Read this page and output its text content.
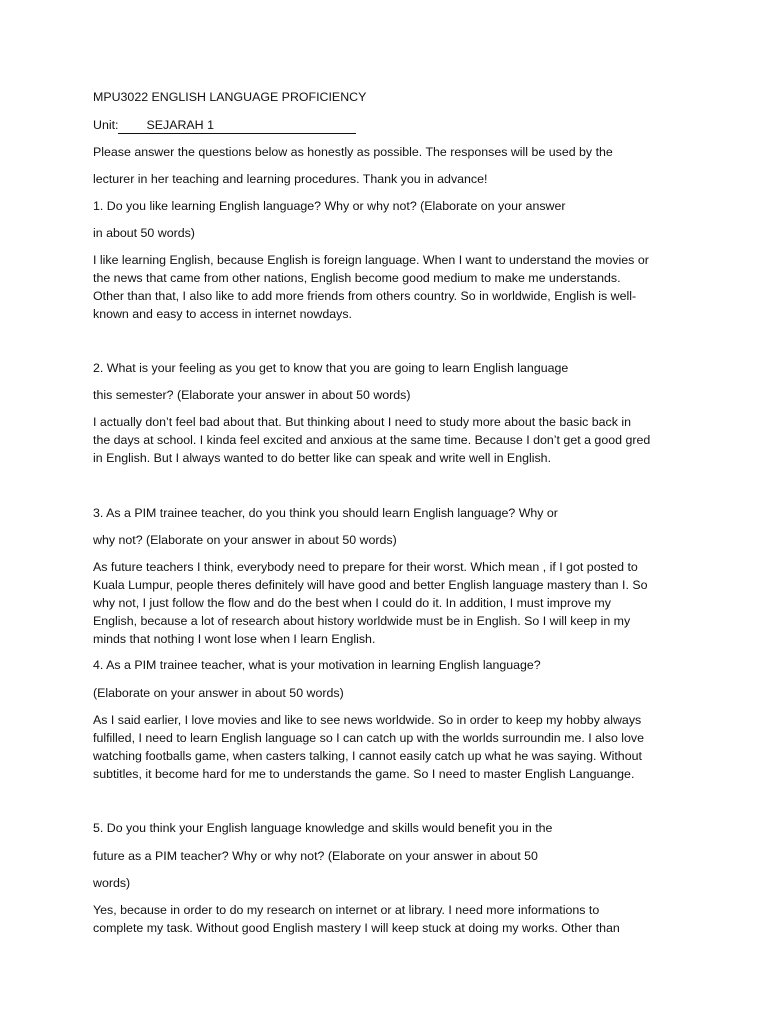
MPU3022 ENGLISH LANGUAGE PROFICIENCY
Unit: SEJARAH 1
Please answer the questions below as honestly as possible. The responses will be used by the
lecturer in her teaching and learning procedures. Thank you in advance!
1. Do you like learning English language? Why or why not? (Elaborate on your answer
in about 50 words)
I like learning English, because English is foreign language. When I want to understand the movies or
the news that came from other nations, English become good medium to make me understands.
Other than that, I also like to add more friends from others country. So in worldwide, English is well-
known and easy to access in internet nowdays.
2. What is your feeling as you get to know that you are going to learn English language
this semester? (Elaborate your answer in about 50 words)
I actually don’t feel bad about that. But thinking about I need to study more about the basic back in
the days at school. I kinda feel excited and anxious at the same time. Because I don’t get a good gred
in English. But I always wanted to do better like can speak and write well in English.
3. As a PIM trainee teacher, do you think you should learn English language? Why or
why not? (Elaborate on your answer in about 50 words)
As future teachers I think, everybody need to prepare for their worst. Which mean , if I got posted to
Kuala Lumpur, people theres definitely will have good and better English language mastery than I. So
why not, I just follow the flow and do the best when I could do it. In addition, I must improve my
English, because a lot of research about history worldwide must be in English. So I will keep in my
minds that nothing I wont lose when I learn English.
4. As a PIM trainee teacher, what is your motivation in learning English language?
(Elaborate on your answer in about 50 words)
As I said earlier, I love movies and like to see news worldwide. So in order to keep my hobby always
fulfilled, I need to learn English language so I can catch up with the worlds surroundin me. I also love
watching footballs game, when casters talking, I cannot easily catch up what he was saying. Without
subtitles, it become hard for me to understands the game. So I need to master English Languange.
5. Do you think your English language knowledge and skills would benefit you in the
future as a PIM teacher? Why or why not? (Elaborate on your answer in about 50
words)
Yes, because in order to do my research on internet or at library. I need more informations to
complete my task. Without good English mastery I will keep stuck at doing my works. Other than
